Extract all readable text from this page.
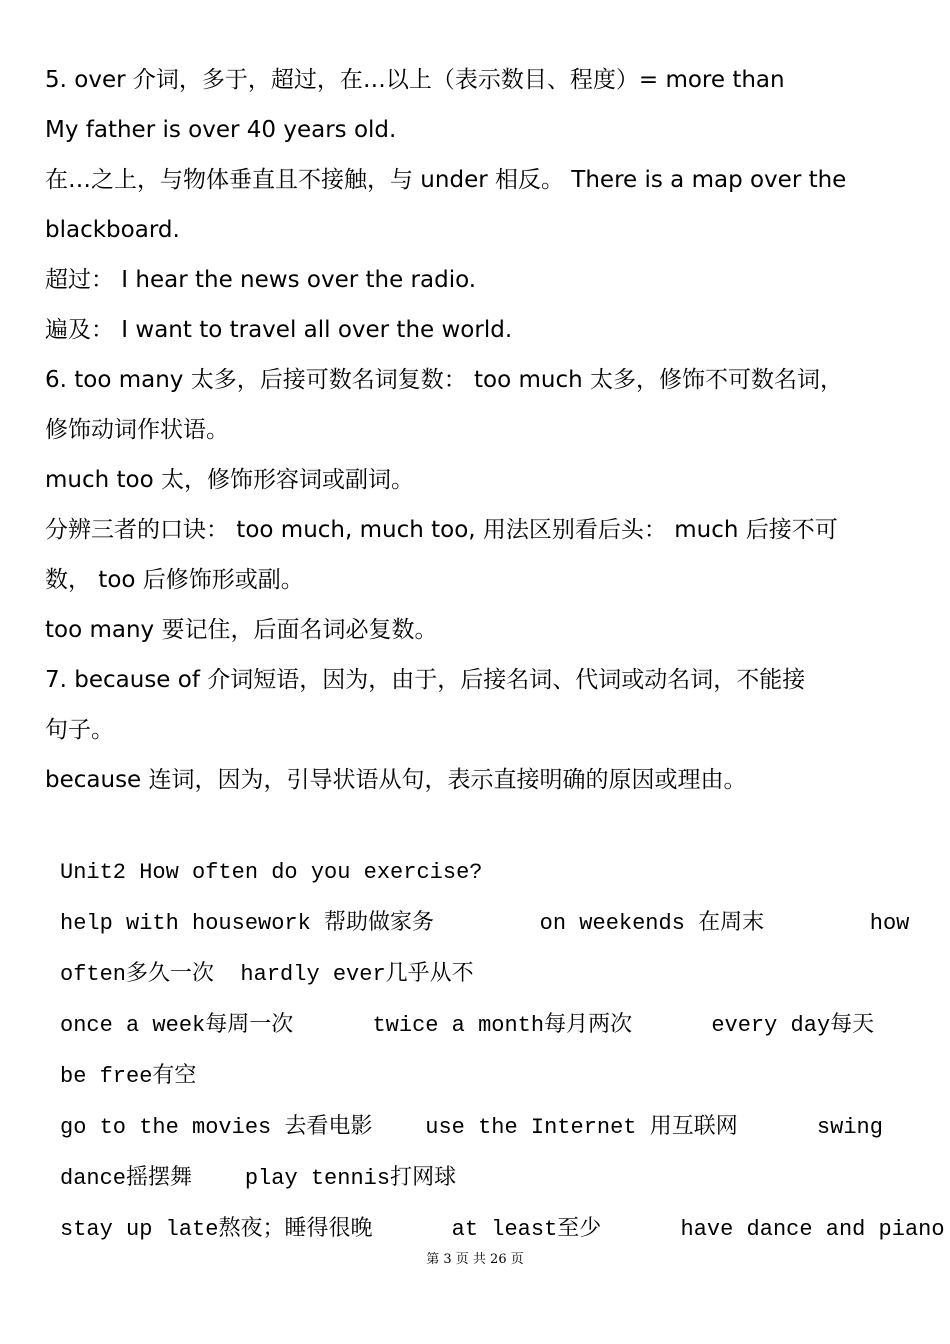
5. over 介词，多于，超过，在…以上（表示数目、程度）= more than

My father is over 40 years old.

在…之上，与物体垂直且不接触，与 under 相反。 There is a map over the

blackboard.

超过： I hear the news over the radio.

遍及： I want to travel all over the world.

6. too many 太多，后接可数名词复数： too much 太多，修饰不可数名词，

修饰动词作状语。

much too 太，修饰形容词或副词。

分辨三者的口诀： too much, much too, 用法区别看后头： much 后接不可

数， too 后修饰形或副。

too many 要记住，后面名词必复数。

7. because of 介词短语，因为，由于，后接名词、代词或动名词，不能接

句子。

because 连词，因为，引导状语从句，表示直接明确的原因或理由。

Unit2 How often do you exercise?

help with housework 帮助做家务        on weekends 在周末        how

often多久一次  hardly ever几乎从不

once a week每周一次      twice a month每月两次      every day每天

be free有空

go to the movies 去看电影    use the Internet 用互联网      swing

dance摇摆舞    play tennis打网球

stay up late熬夜；睡得很晚      at least至少      have dance and piano

第 3 页 共 26 页
